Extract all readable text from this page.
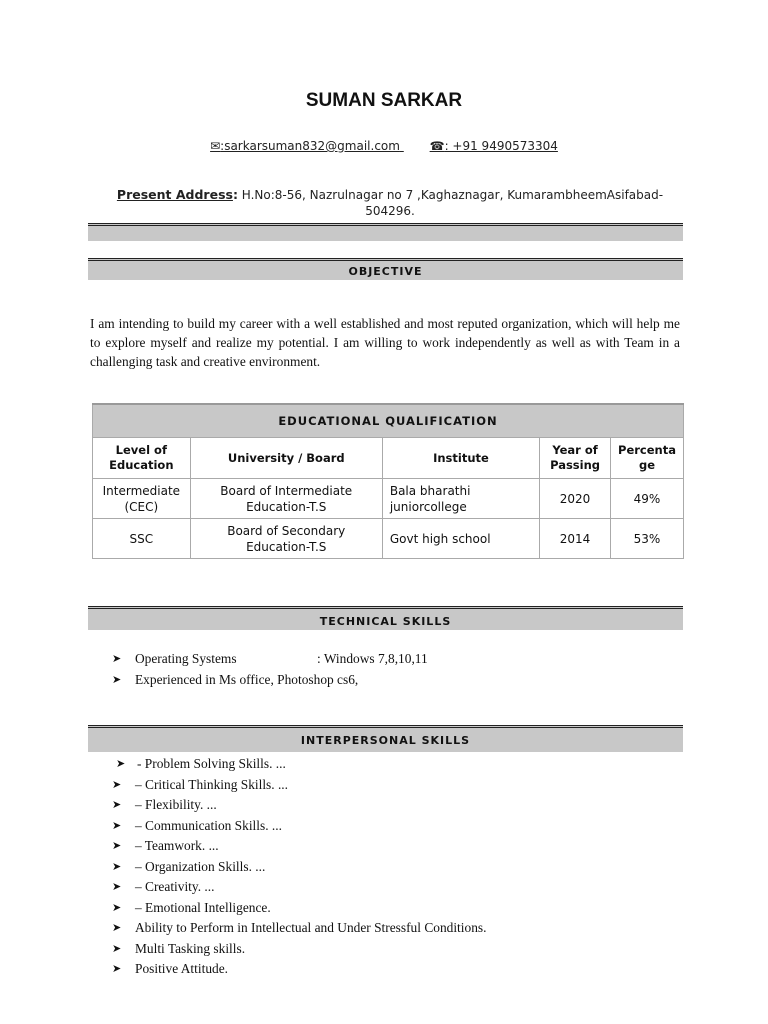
SUMAN SARKAR
✉:sarkarsuman832@gmail.com ☎: +91 9490573304
Present Address: H.No:8-56, Nazrulnagar no 7 ,Kaghaznagar, KumarambheemAsifabad-504296.
OBJECTIVE
I am intending to build my career with a well established and most reputed organization, which will help me to explore myself and realize my potential. I am willing to work independently as well as with Team in a challenging task and creative environment.
EDUCATIONAL QUALIFICATION				
Level of Education	University / Board	Institute	Year of Passing	Percentage
Intermediate (CEC)	Board of Intermediate Education-T.S	Bala bharathi juniorcollege	2020	49%
SSC	Board of Secondary Education-T.S	Govt high school	2014	53%
TECHNICAL SKILLS
➤ Operating Systems	: Windows 7,8,10,11
➤ Experienced in Ms office, Photoshop cs6,
INTERPERSONAL SKILLS
➤ - Problem Solving Skills. ...
➤ – Critical Thinking Skills. ...
➤ – Flexibility. ...
➤ – Communication Skills. ...
➤ – Teamwork. ...
➤ – Organization Skills. ...
➤ – Creativity. ...
➤ – Emotional Intelligence.
➤ Ability to Perform in Intellectual and Under Stressful Conditions.
➤ Multi Tasking skills.
➤ Positive Attitude.
